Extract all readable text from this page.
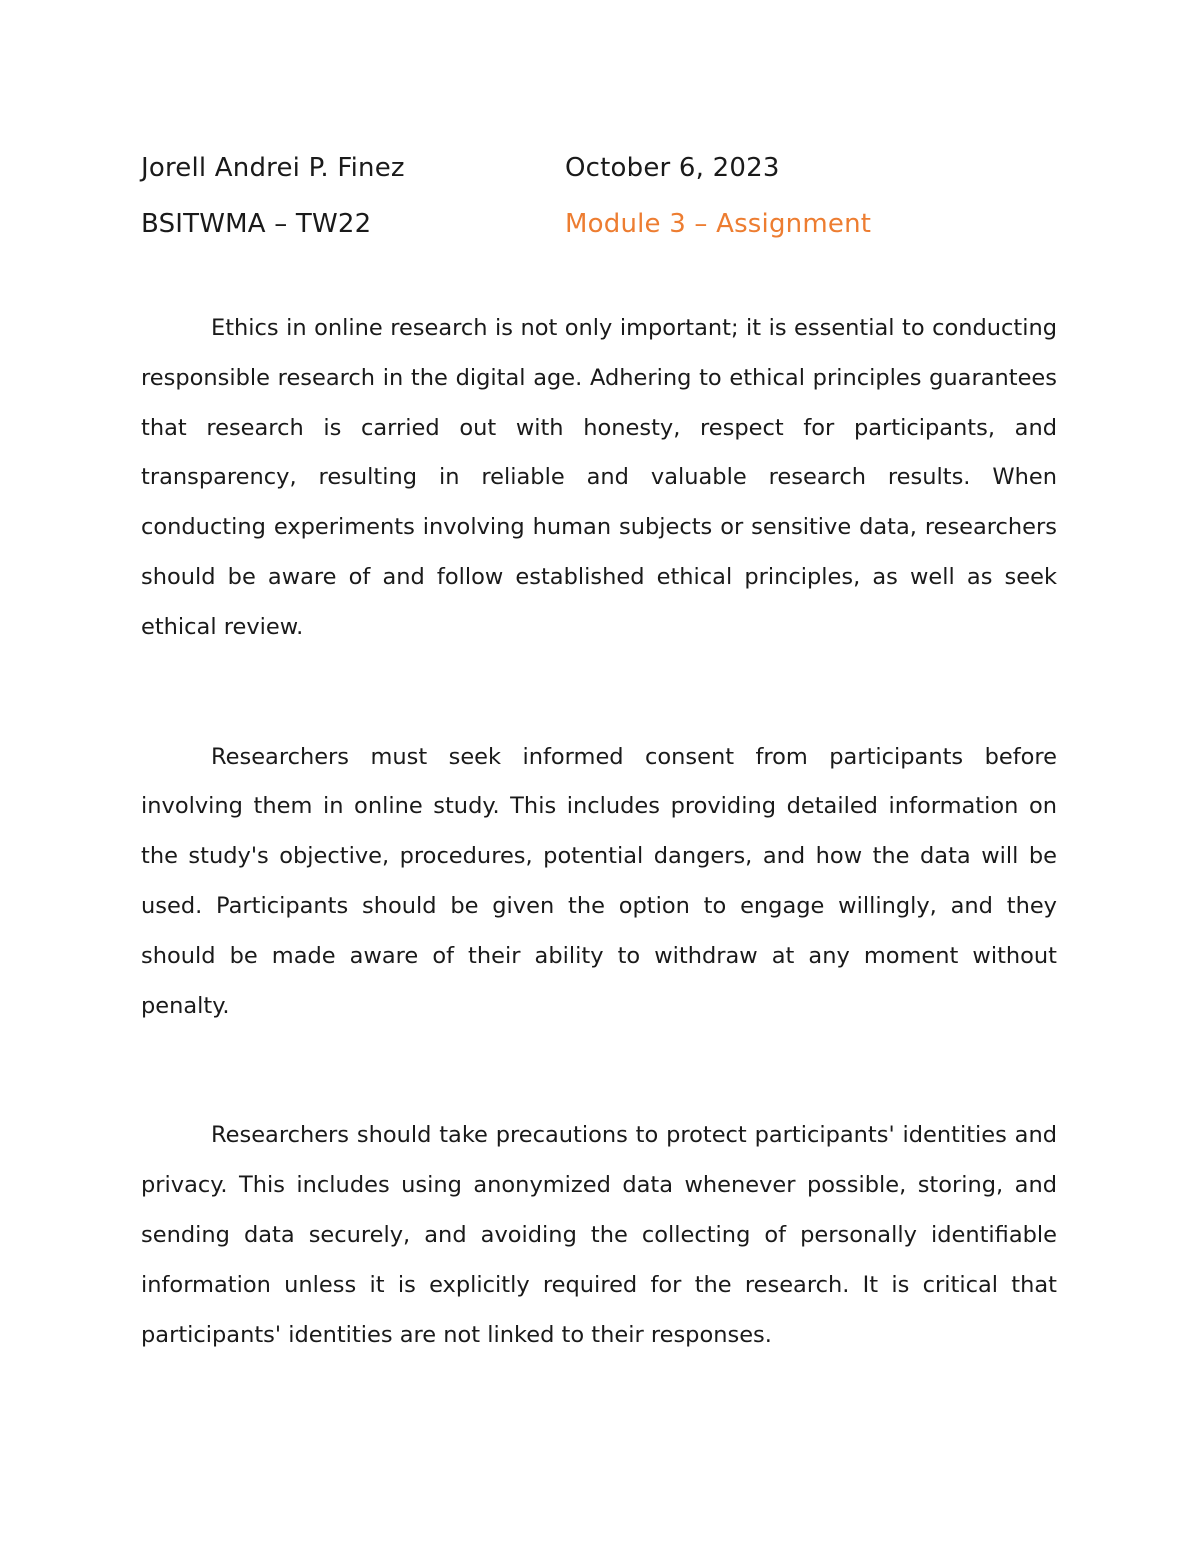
Jorell Andrei P. Finez	October 6, 2023
BSITWMA – TW22	Module 3 – Assignment

Ethics in online research is not only important; it is essential to conducting responsible research in the digital age. Adhering to ethical principles guarantees that research is carried out with honesty, respect for participants, and transparency, resulting in reliable and valuable research results. When conducting experiments involving human subjects or sensitive data, researchers should be aware of and follow established ethical principles, as well as seek ethical review.

Researchers must seek informed consent from participants before involving them in online study. This includes providing detailed information on the study's objective, procedures, potential dangers, and how the data will be used. Participants should be given the option to engage willingly, and they should be made aware of their ability to withdraw at any moment without penalty.

Researchers should take precautions to protect participants' identities and privacy. This includes using anonymized data whenever possible, storing, and sending data securely, and avoiding the collecting of personally identifiable information unless it is explicitly required for the research. It is critical that participants' identities are not linked to their responses.
